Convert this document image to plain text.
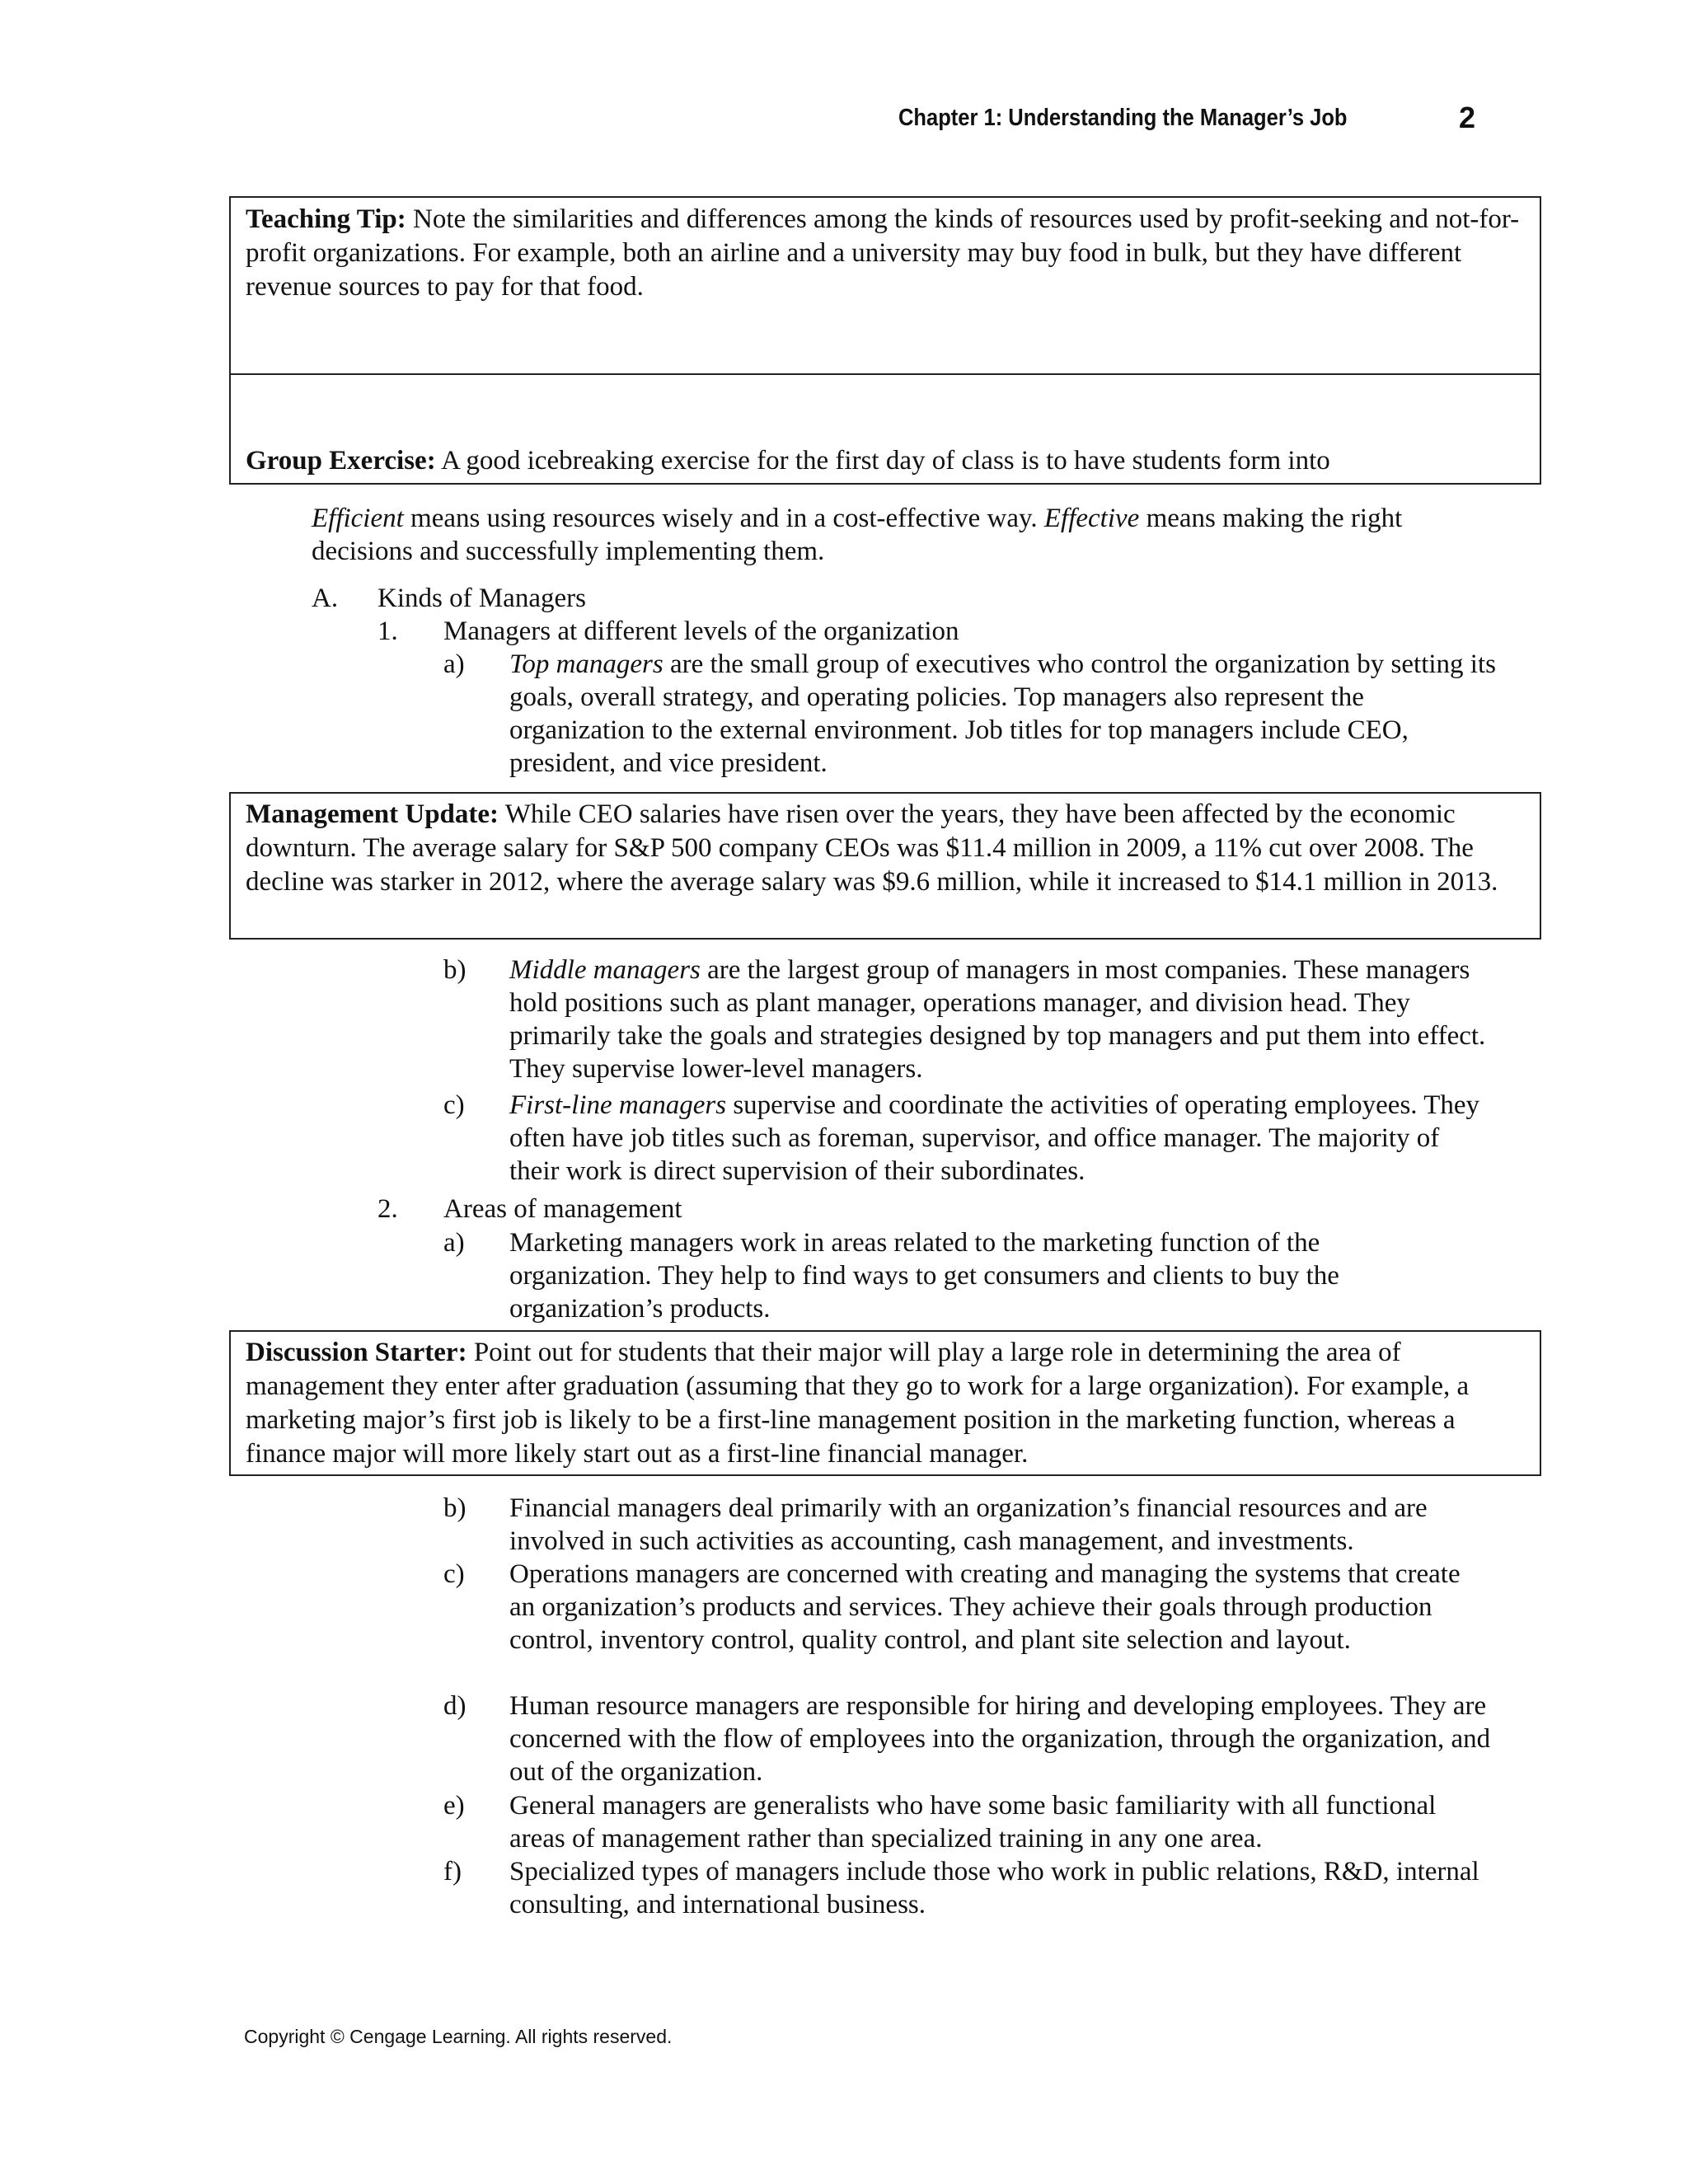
Chapter 1: Understanding the Manager’s Job	2
Teaching Tip: Note the similarities and differences among the kinds of resources used by profit-seeking and not-for-profit organizations. For example, both an airline and a university may buy food in bulk, but they have different revenue sources to pay for that food.
Group Exercise: A good icebreaking exercise for the first day of class is to have students form into
Efficient means using resources wisely and in a cost-effective way. Effective means making the right decisions and successfully implementing them.
A. Kinds of Managers
1. Managers at different levels of the organization
a) Top managers are the small group of executives who control the organization by setting its goals, overall strategy, and operating policies. Top managers also represent the organization to the external environment. Job titles for top managers include CEO, president, and vice president.
Management Update: While CEO salaries have risen over the years, they have been affected by the economic downturn. The average salary for S&P 500 company CEOs was $11.4 million in 2009, a 11% cut over 2008. The decline was starker in 2012, where the average salary was $9.6 million, while it increased to $14.1 million in 2013.
b) Middle managers are the largest group of managers in most companies. These managers hold positions such as plant manager, operations manager, and division head. They primarily take the goals and strategies designed by top managers and put them into effect. They supervise lower-level managers.
c) First-line managers supervise and coordinate the activities of operating employees. They often have job titles such as foreman, supervisor, and office manager. The majority of their work is direct supervision of their subordinates.
2. Areas of management
a) Marketing managers work in areas related to the marketing function of the organization. They help to find ways to get consumers and clients to buy the organization’s products.
Discussion Starter: Point out for students that their major will play a large role in determining the area of management they enter after graduation (assuming that they go to work for a large organization). For example, a marketing major’s first job is likely to be a first-line management position in the marketing function, whereas a finance major will more likely start out as a first-line financial manager.
b) Financial managers deal primarily with an organization’s financial resources and are involved in such activities as accounting, cash management, and investments.
c) Operations managers are concerned with creating and managing the systems that create an organization’s products and services. They achieve their goals through production control, inventory control, quality control, and plant site selection and layout.
d) Human resource managers are responsible for hiring and developing employees. They are concerned with the flow of employees into the organization, through the organization, and out of the organization.
e) General managers are generalists who have some basic familiarity with all functional areas of management rather than specialized training in any one area.
f) Specialized types of managers include those who work in public relations, R&D, internal consulting, and international business.
Copyright © Cengage Learning. All rights reserved.
